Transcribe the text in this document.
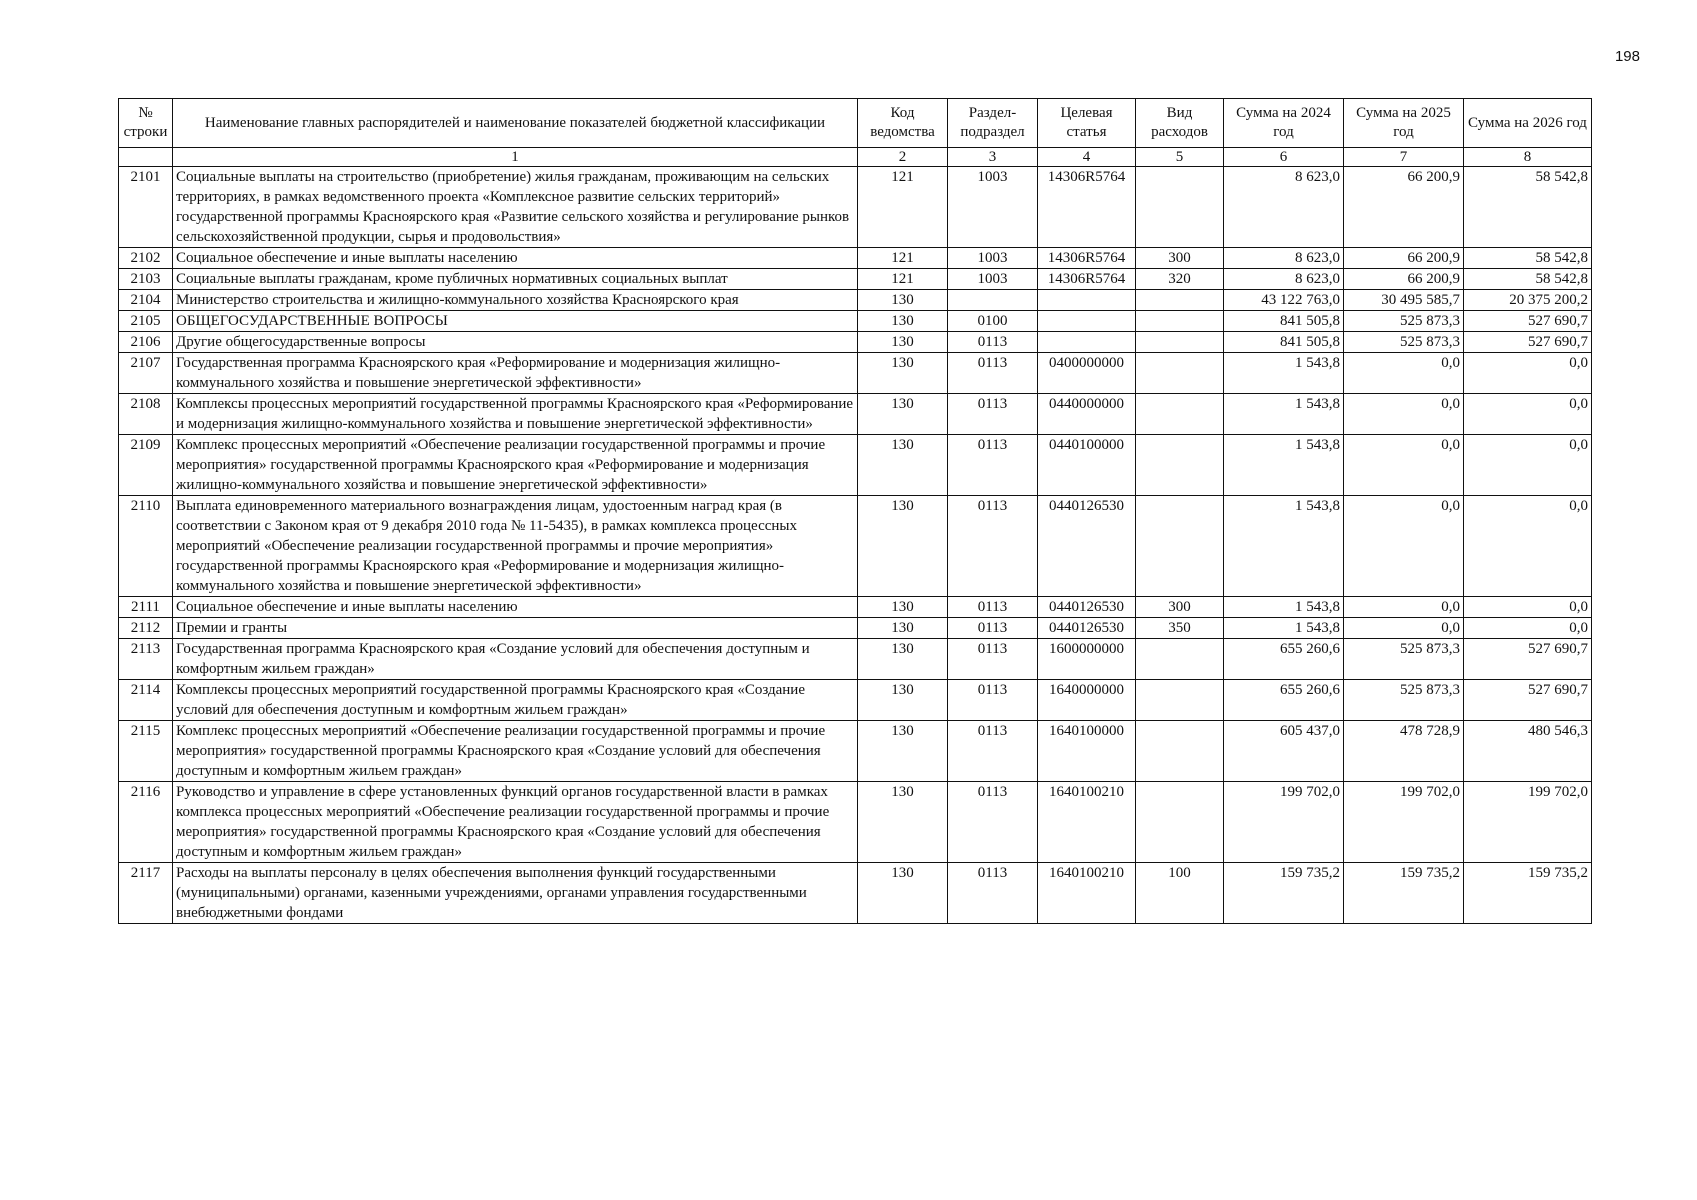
198
№ строки	Наименование главных распорядителей и наименование показателей бюджетной классификации	Код ведомства	Раздел-подраздел	Целевая статья	Вид расходов	Сумма на 2024 год	Сумма на 2025 год	Сумма на 2026 год
	1	2	3	4	5	6	7	8
2101	Социальные выплаты на строительство (приобретение) жилья гражданам, проживающим на сельских территориях, в рамках ведомственного проекта «Комплексное развитие сельских территорий» государственной программы Красноярского края «Развитие сельского хозяйства и регулирование рынков сельскохозяйственной продукции, сырья и продовольствия»	121	1003	14306R5764		8 623,0	66 200,9	58 542,8
2102	Социальное обеспечение и иные выплаты населению	121	1003	14306R5764	300	8 623,0	66 200,9	58 542,8
2103	Социальные выплаты гражданам, кроме публичных нормативных социальных выплат	121	1003	14306R5764	320	8 623,0	66 200,9	58 542,8
2104	Министерство строительства и жилищно-коммунального хозяйства Красноярского края	130				43 122 763,0	30 495 585,7	20 375 200,2
2105	ОБЩЕГОСУДАРСТВЕННЫЕ ВОПРОСЫ	130	0100			841 505,8	525 873,3	527 690,7
2106	Другие общегосударственные вопросы	130	0113			841 505,8	525 873,3	527 690,7
2107	Государственная программа Красноярского края «Реформирование и модернизация жилищно-коммунального хозяйства и повышение энергетической эффективности»	130	0113	0400000000		1 543,8	0,0	0,0
2108	Комплексы процессных мероприятий государственной программы Красноярского края «Реформирование и модернизация жилищно-коммунального хозяйства и повышение энергетической эффективности»	130	0113	0440000000		1 543,8	0,0	0,0
2109	Комплекс процессных мероприятий «Обеспечение реализации государственной программы и прочие мероприятия» государственной программы Красноярского края «Реформирование и модернизация жилищно-коммунального хозяйства и повышение энергетической эффективности»	130	0113	0440100000		1 543,8	0,0	0,0
2110	Выплата единовременного материального вознаграждения лицам, удостоенным наград края (в соответствии с Законом края от 9 декабря 2010 года № 11-5435), в рамках комплекса процессных мероприятий «Обеспечение реализации государственной программы и прочие мероприятия» государственной программы Красноярского края «Реформирование и модернизация жилищно-коммунального хозяйства и повышение энергетической эффективности»	130	0113	0440126530		1 543,8	0,0	0,0
2111	Социальное обеспечение и иные выплаты населению	130	0113	0440126530	300	1 543,8	0,0	0,0
2112	Премии и гранты	130	0113	0440126530	350	1 543,8	0,0	0,0
2113	Государственная программа Красноярского края «Создание условий для обеспечения доступным и комфортным жильем граждан»	130	0113	1600000000		655 260,6	525 873,3	527 690,7
2114	Комплексы процессных мероприятий государственной программы Красноярского края «Создание условий для обеспечения доступным и комфортным жильем граждан»	130	0113	1640000000		655 260,6	525 873,3	527 690,7
2115	Комплекс процессных мероприятий «Обеспечение реализации государственной программы и прочие мероприятия» государственной программы Красноярского края «Создание условий для обеспечения доступным и комфортным жильем граждан»	130	0113	1640100000		605 437,0	478 728,9	480 546,3
2116	Руководство и управление в сфере установленных функций органов государственной власти в рамках комплекса процессных мероприятий «Обеспечение реализации государственной программы и прочие мероприятия» государственной программы Красноярского края «Создание условий для обеспечения доступным и комфортным жильем граждан»	130	0113	1640100210		199 702,0	199 702,0	199 702,0
2117	Расходы на выплаты персоналу в целях обеспечения выполнения функций государственными (муниципальными) органами, казенными учреждениями, органами управления государственными внебюджетными фондами	130	0113	1640100210	100	159 735,2	159 735,2	159 735,2
